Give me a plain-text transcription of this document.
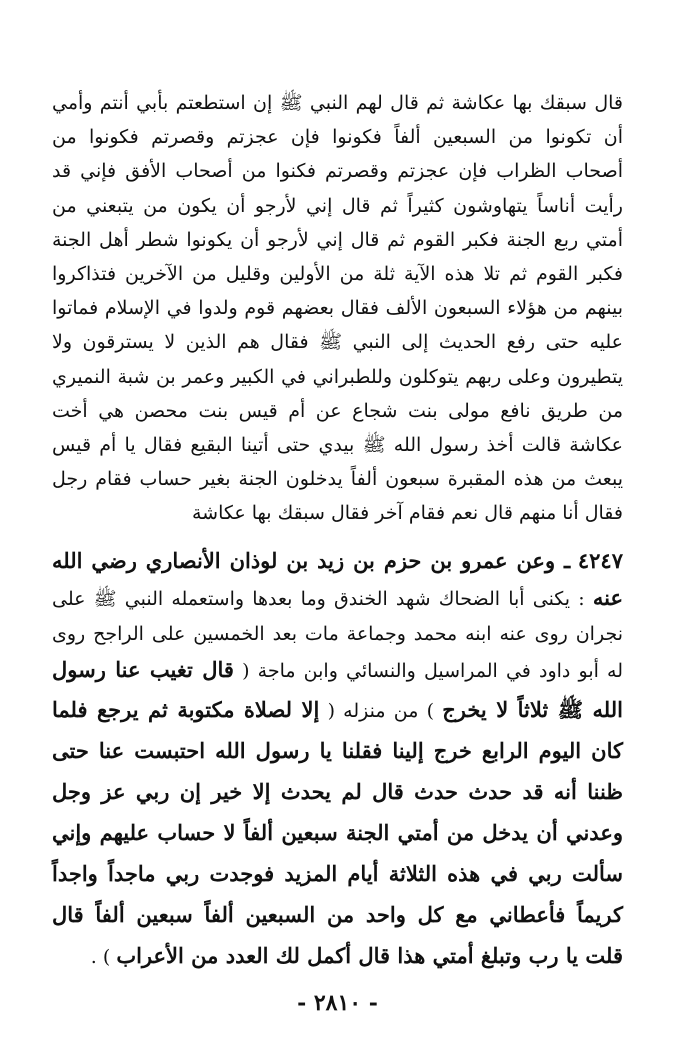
قال سبقك بها عكاشة ثم قال لهم النبي ﷺ إن استطعتم بأبي أنتم وأمي أن تكونوا من السبعين ألفاً فكونوا فإن عجزتم وقصرتم فكونوا من أصحاب الظراب فإن عجزتم وقصرتم فكنوا من أصحاب الأفق فإني قد رأيت أناساً يتهاوشون كثيراً ثم قال إني لأرجو أن يكون من يتبعني من أمتي ربع الجنة فكبر القوم ثم قال إني لأرجو أن يكونوا شطر أهل الجنة فكبر القوم ثم تلا هذه الآية ثلة من الأولين وقليل من الآخرين فتذاكروا بينهم من هؤلاء السبعون الألف فقال بعضهم قوم ولدوا في الإسلام فماتوا عليه حتى رفع الحديث إلى النبي ﷺ فقال هم الذين لا يسترقون ولا يتطيرون وعلى ربهم يتوكلون وللطبراني في الكبير وعمر بن شبة النميري من طريق نافع مولى بنت شجاع عن أم قيس بنت محصن هي أخت عكاشة قالت أخذ رسول الله ﷺ بيدي حتى أتينا البقيع فقال يا أم قيس يبعث من هذه المقبرة سبعون ألفاً يدخلون الجنة بغير حساب فقام رجل فقال أنا منهم قال نعم فقام آخر فقال سبقك بها عكاشة

٤٢٤٧ ـ وعن عمرو بن حزم بن زيد بن لوذان الأنصاري رضي الله عنه : يكنى أبا الضحاك شهد الخندق وما بعدها واستعمله النبي ﷺ على نجران روى عنه ابنه محمد وجماعة مات بعد الخمسين على الراجح روى له أبو داود في المراسيل والنسائي وابن ماجة ( قال تغيب عنا رسول الله ﷺ ثلاثاً لا يخرج ) من منزله ( إلا لصلاة مكتوبة ثم يرجع فلما كان اليوم الرابع خرج إلينا فقلنا يا رسول الله احتبست عنا حتى ظننا أنه قد حدث حدث قال لم يحدث إلا خير إن ربي عز وجل وعدني أن يدخل من أمتي الجنة سبعين ألفاً لا حساب عليهم وإني سألت ربي في هذه الثلاثة أيام المزيد فوجدت ربي ماجداً واجداً كريماً فأعطاني مع كل واحد من السبعين ألفاً سبعين ألفاً قال قلت يا رب وتبلغ أمتي هذا قال أكمل لك العدد من الأعراب ) .

- ٢٨١٠ -
